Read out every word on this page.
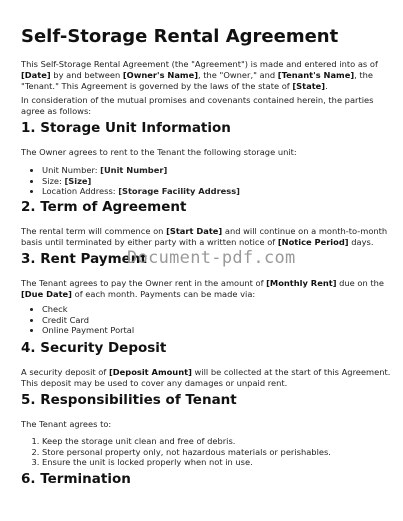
Self-Storage Rental Agreement

This Self-Storage Rental Agreement (the "Agreement") is made and entered into as of
[Date] by and between [Owner's Name], the "Owner," and [Tenant's Name], the "Tenant." This Agreement is governed by the laws of the state of [State].

In consideration of the mutual promises and covenants contained herein, the parties agree as follows:

1. Storage Unit Information

The Owner agrees to rent to the Tenant the following storage unit:

• Unit Number: [Unit Number]
• Size: [Size]
• Location Address: [Storage Facility Address]
2. Term of Agreement

The rental term will commence on [Start Date] and will continue on a month-to-month basis until terminated by either party with a written notice of [Notice Period] days.

3. Rent Payment
Document-pdf.com

The Tenant agrees to pay the Owner rent in the amount of [Monthly Rent] due on the [Due Date] of each month. Payments can be made via:

• Check
• Credit Card
• Online Payment Portal
4. Security Deposit

A security deposit of [Deposit Amount] will be collected at the start of this Agreement. This deposit may be used to cover any damages or unpaid rent.

5. Responsibilities of Tenant

The Tenant agrees to:

1. Keep the storage unit clean and free of debris.
2. Store personal property only, not hazardous materials or perishables.
3. Ensure the unit is locked properly when not in use.
6. Termination
